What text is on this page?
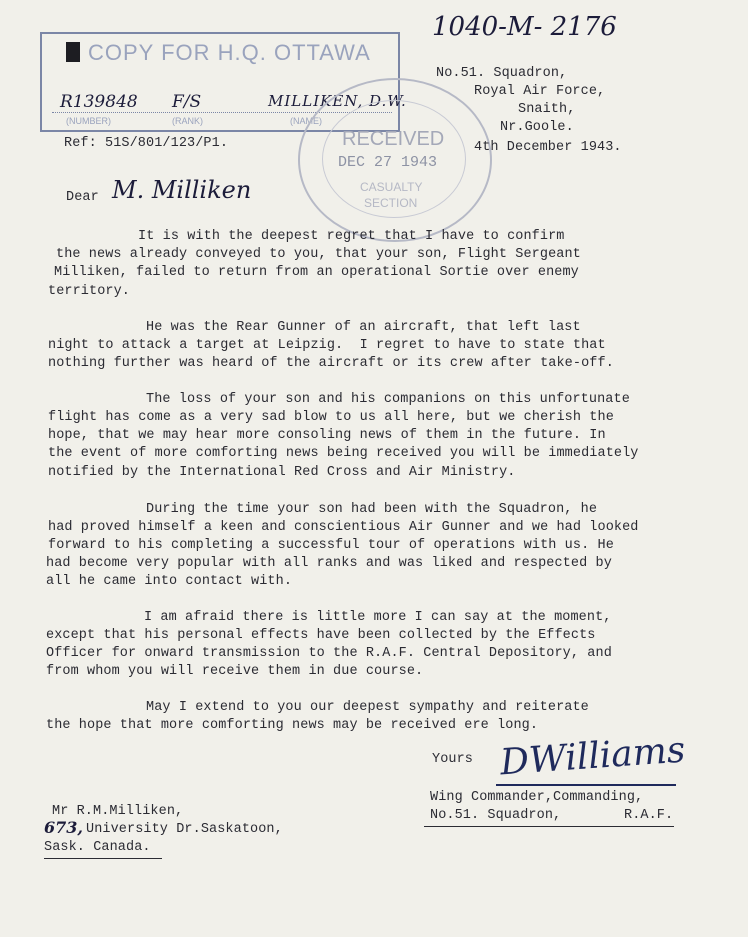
1040-M- 2176
COPY FOR H.Q. OTTAWA
R139848 F/S	MILLIKEN, D.W.
(NUMBER)	(RANK)	(NAME)
RECEIVED
DEC 27 1943
CASUALTY
SECTION
No.51. Squadron,
Royal Air Force,
Snaith,
Nr.Goole.
4th December 1943.
Ref: 51S/801/123/P1.
Dear M. Milliken
It is with the deepest regret that I have to confirm
the news already conveyed to you, that your son, Flight Sergeant
Milliken, failed to return from an operational Sortie over enemy
territory.
He was the Rear Gunner of an aircraft, that left last
night to attack a target at Leipzig.  I regret to have to state that
nothing further was heard of the aircraft or its crew after take-off.
The loss of your son and his companions on this unfortunate
flight has come as a very sad blow to us all here, but we cherish the
hope, that we may hear more consoling news of them in the future. In
the event of more comforting news being received you will be immediately
notified by the International Red Cross and Air Ministry.
During the time your son had been with the Squadron, he
had proved himself a keen and conscientious Air Gunner and we had looked
forward to his completing a successful tour of operations with us. He
had become very popular with all ranks and was liked and respected by
all he came into contact with.
I am afraid there is little more I can say at the moment,
except that his personal effects have been collected by the Effects
Officer for onward transmission to the R.A.F. Central Depository, and
from whom you will receive them in due course.
May I extend to you our deepest sympathy and reiterate
the hope that more comforting news may be received ere long.
Yours DWilliams
Wing Commander,Commanding,
No.51. Squadron,	R.A.F.
Mr R.M.Milliken,
673, University Dr.Saskatoon,
Sask. Canada.
